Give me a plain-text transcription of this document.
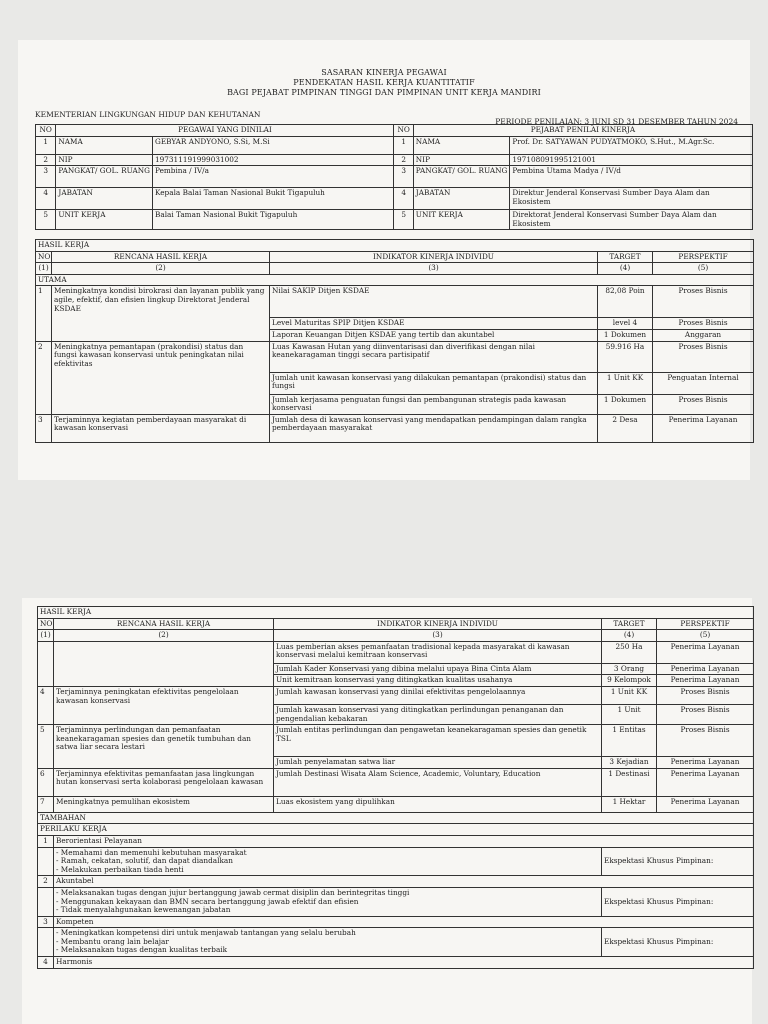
SASARAN KINERJA PEGAWAI
PENDEKATAN HASIL KERJA KUANTITATIF
BAGI PEJABAT PIMPINAN TINGGI DAN PIMPINAN UNIT KERJA MANDIRI
KEMENTERIAN LINGKUNGAN HIDUP DAN KEHUTANAN
PERIODE PENILAIAN: 3 JUNI SD 31 DESEMBER TAHUN 2024
NO	PEGAWAI YANG DINILAI		NO	PEJABAT PENILAI KINERJA	
1	NAMA	GEBYAR ANDYONO, S.Si, M.Si	1	NAMA	Prof. Dr. SATYAWAN PUDYATMOKO, S.Hut., M.Agr.Sc.
2	NIP	197311191999031002	2	NIP	197108091995121001
3	PANGKAT/ GOL. RUANG	Pembina / IV/a	3	PANGKAT/ GOL. RUANG	Pembina Utama Madya / IV/d
4	JABATAN	Kepala Balai Taman Nasional Bukit Tigapuluh	4	JABATAN	Direktur Jenderal Konservasi Sumber Daya Alam dan Ekosistem
5	UNIT KERJA	Balai Taman Nasional Bukit Tigapuluh	5	UNIT KERJA	Direktorat Jenderal Konservasi Sumber Daya Alam dan Ekosistem
HASIL KERJA				
NO	RENCANA HASIL KERJA	INDIKATOR KINERJA INDIVIDU	TARGET	PERSPEKTIF
(1)	(2)	(3)	(4)	(5)
UTAMA				
1	Meningkatnya kondisi birokrasi dan layanan publik yang agile, efektif, dan efisien lingkup Direktorat Jenderal KSDAE	Nilai SAKIP Ditjen KSDAE	82,08 Poin	Proses Bisnis
		Level Maturitas SPIP Ditjen KSDAE	level 4	Proses Bisnis
		Laporan Keuangan Ditjen KSDAE yang tertib dan akuntabel	1 Dokumen	Anggaran
2	Meningkatnya pemantapan (prakondisi) status dan fungsi kawasan konservasi untuk peningkatan nilai efektivitas	Luas Kawasan Hutan yang diinventarisasi dan diverifikasi dengan nilai keanekaragaman tinggi secara partisipatif	59.916 Ha	Proses Bisnis
		Jumlah unit kawasan konservasi yang dilakukan pemantapan (prakondisi) status dan fungsi	1 Unit KK	Penguatan Internal
		Jumlah kerjasama penguatan fungsi dan pembangunan strategis pada kawasan konservasi	1 Dokumen	Proses Bisnis
3	Terjaminnya kegiatan pemberdayaan masyarakat di kawasan konservasi	Jumlah desa di kawasan konservasi yang mendapatkan pendampingan dalam rangka pemberdayaan masyarakat	2 Desa	Penerima Layanan
HASIL KERJA				
NO	RENCANA HASIL KERJA	INDIKATOR KINERJA INDIVIDU	TARGET	PERSPEKTIF
(1)	(2)	(3)	(4)	(5)
		Luas pemberian akses pemanfaatan tradisional kepada masyarakat di kawasan konservasi melalui kemitraan konservasi	250 Ha	Penerima Layanan
		Jumlah Kader Konservasi yang dibina melalui upaya Bina Cinta Alam	3 Orang	Penerima Layanan
		Unit kemitraan konservasi yang ditingkatkan kualitas usahanya	9 Kelompok	Penerima Layanan
4	Terjaminnya peningkatan efektivitas pengelolaan kawasan konservasi	Jumlah kawasan konservasi yang dinilai efektivitas pengelolaannya	1 Unit KK	Proses Bisnis
		Jumlah kawasan konservasi yang ditingkatkan perlindungan penanganan dan pengendalian kebakaran	1 Unit	Proses Bisnis
5	Terjaminnya perlindungan dan pemanfaatan keanekaragaman spesies dan genetik tumbuhan dan satwa liar secara lestari	Jumlah entitas perlindungan dan pengawetan keanekaragaman spesies dan genetik TSL	1 Entitas	Proses Bisnis
		Jumlah penyelamatan satwa liar	3 Kejadian	Penerima Layanan
6	Terjaminnya efektivitas pemanfaatan jasa lingkungan hutan konservasi serta kolaborasi pengelolaan kawasan	Jumlah Destinasi Wisata Alam Science, Academic, Voluntary, Education	1 Destinasi	Penerima Layanan
7	Meningkatnya pemulihan ekosistem	Luas ekosistem yang dipulihkan	1 Hektar	Penerima Layanan
TAMBAHAN				
PERILAKU KERJA				
1	Berorientasi Pelayanan			

	- Memahami dan memenuhi kebutuhan masyarakat
- Ramah, cekatan, solutif, dan dapat diandalkan
- Melakukan perbaikan tiada henti		Ekspektasi Khusus Pimpinan:	
2	Akuntabel			

	- Melaksanakan tugas dengan jujur bertanggung jawab cermat disiplin dan berintegritas tinggi
- Menggunakan kekayaan dan BMN secara bertanggung jawab efektif dan efisien
- Tidak menyalahgunakan kewenangan jabatan		Ekspektasi Khusus Pimpinan:	
3	Kompeten			

	- Meningkatkan kompetensi diri untuk menjawab tantangan yang selalu berubah
- Membantu orang lain belajar
- Melaksanakan tugas dengan kualitas terbaik		Ekspektasi Khusus Pimpinan:	
4	Harmonis			
